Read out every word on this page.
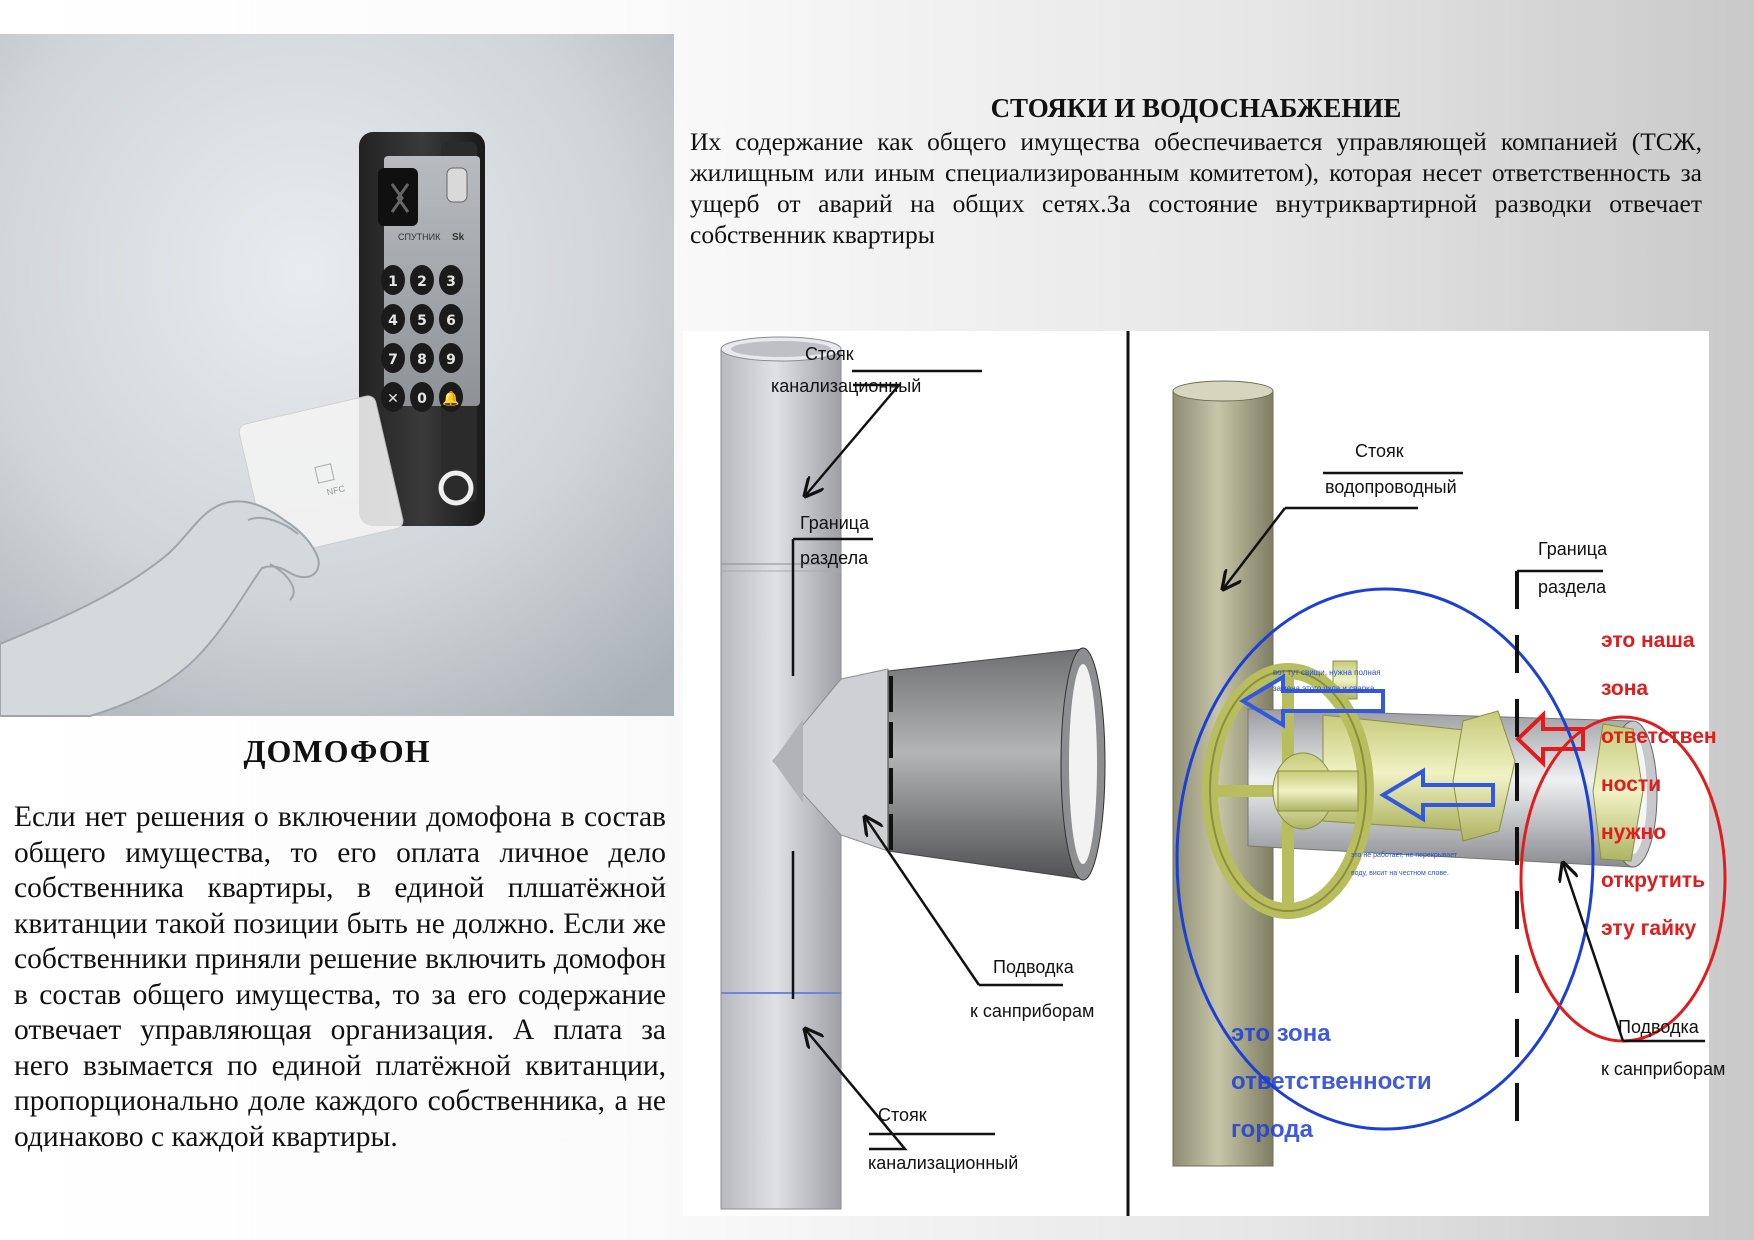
СПУТНИК Sk
1 2 3
4 5 6
7 8 9
✕ 0 🔔
NFC
ДОМОФОН
Если нет решения о включении домофона в состав общего имущества, то его оплата личное дело собственника квартиры, в единой плшатёжной квитанции такой позиции быть не должно. Если же собственники приняли решение включить домофон в состав общего имущества, то за его содержание отвечает управляющая организация. А плата за него взымается по единой платёжной квитанции, пропорционально доле каждого собственника, а не одинаково с каждой квартиры.
СТОЯКИ И ВОДОСНАБЖЕНИЕ
Их содержание как общего имущества обеспечивается управляющей компанией (ТСЖ, жилищным или иным специализированным комитетом), которая несет ответственность за ущерб от аварий на общих сетях.За состояние внутриквартирной разводки отвечает собственник квартиры
Стояк
канализационный
Граница
раздела
Подводка
к санприборам
Стояк
канализационный
Стояк
водопроводный
Граница
раздела
это наша
зона
ответствен
ности
нужно
открутить
эту гайку
вот тут свищи, нужна полная
замена этого узла и сварка
это не работает, не перекрывает
воду, висит на честном слове.
это зона
ответственности
города
Подводка
к санприборам
